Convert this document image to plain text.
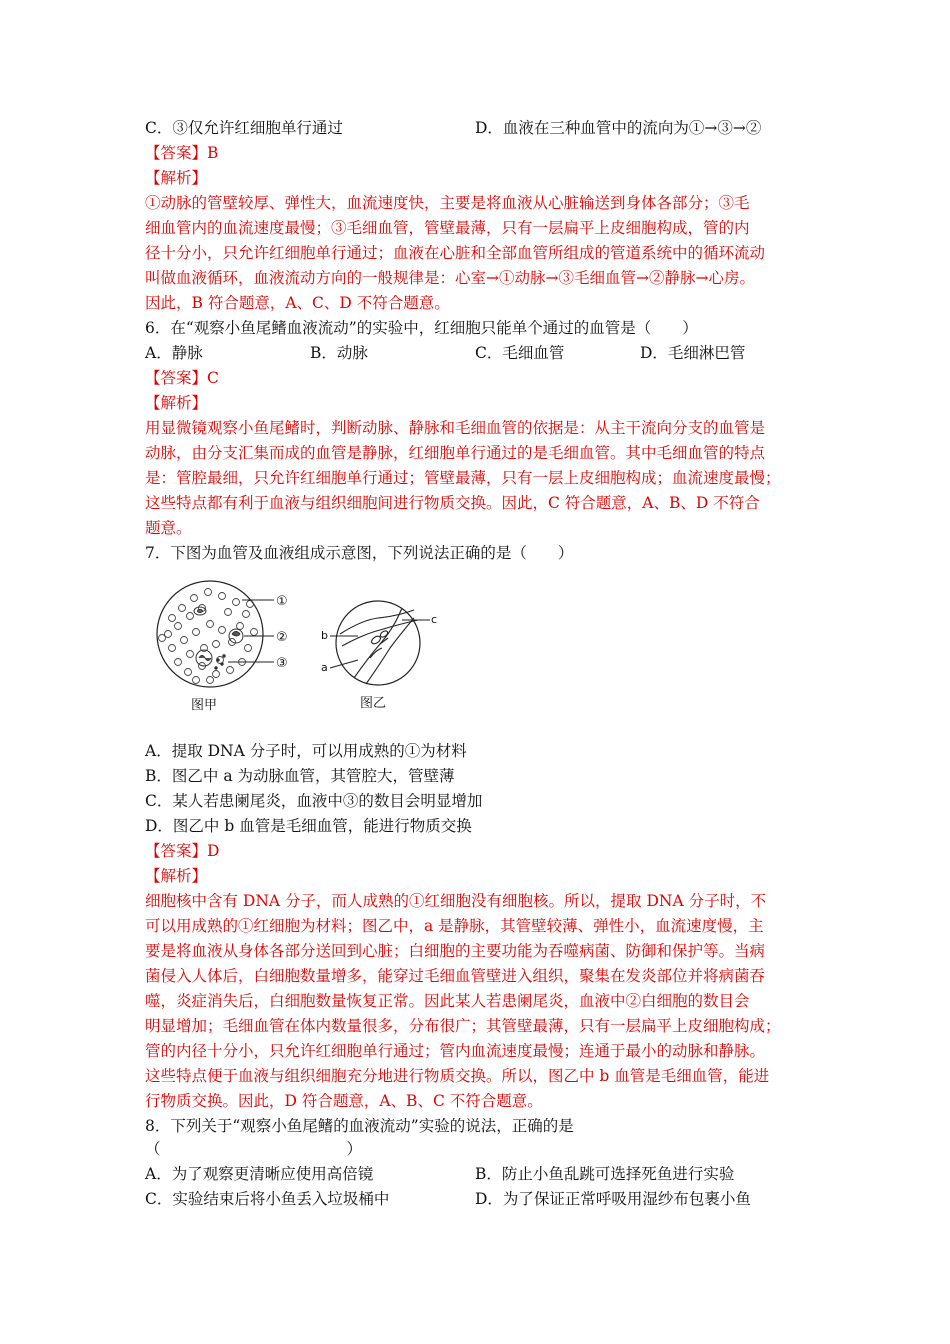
C．③仅允许红细胞单行通过	D．血液在三种血管中的流向为①→③→②
【答案】B
【解析】
①动脉的管壁较厚、弹性大，血流速度快，主要是将血液从心脏输送到身体各部分；③毛
细血管内的血流速度最慢；③毛细血管，管壁最薄，只有一层扁平上皮细胞构成，管的内
径十分小，只允许红细胞单行通过；血液在心脏和全部血管所组成的管道系统中的循环流动
叫做血液循环，血液流动方向的一般规律是：心室→①动脉→③毛细血管→②静脉→心房。
因此，B 符合题意，A、C、D 不符合题意。
6．在“观察小鱼尾鳍血液流动”的实验中，红细胞只能单个通过的血管是（　　）
A．静脉	B．动脉	C．毛细血管	D．毛细淋巴管
【答案】C
【解析】
用显微镜观察小鱼尾鳍时，判断动脉、静脉和毛细血管的依据是：从主干流向分支的血管是
动脉，由分支汇集而成的血管是静脉，红细胞单行通过的是毛细血管。其中毛细血管的特点
是：管腔最细，只允许红细胞单行通过；管壁最薄，只有一层上皮细胞构成；血流速度最慢；
这些特点都有利于血液与组织细胞间进行物质交换。因此，C 符合题意，A、B、D 不符合
题意。
7．下图为血管及血液组成示意图，下列说法正确的是（　　）
①
②
③
图甲
b
a
c
图乙
A．提取 DNA 分子时，可以用成熟的①为材料
B．图乙中 a 为动脉血管，其管腔大，管壁薄
C．某人若患阑尾炎，血液中③的数目会明显增加
D．图乙中 b 血管是毛细血管，能进行物质交换
【答案】D
【解析】
细胞核中含有 DNA 分子，而人成熟的①红细胞没有细胞核。所以，提取 DNA 分子时，不
可以用成熟的①红细胞为材料；图乙中，a 是静脉，其管壁较薄、弹性小，血流速度慢，主
要是将血液从身体各部分送回到心脏；白细胞的主要功能为吞噬病菌、防御和保护等。当病
菌侵入人体后，白细胞数量增多，能穿过毛细血管壁进入组织，聚集在发炎部位并将病菌吞
噬，炎症消失后，白细胞数量恢复正常。因此某人若患阑尾炎，血液中②白细胞的数目会
明显增加；毛细血管在体内数量很多，分布很广；其管壁最薄，只有一层扁平上皮细胞构成；
管的内径十分小，只允许红细胞单行通过；管内血流速度最慢；连通于最小的动脉和静脉。
这些特点便于血液与组织细胞充分地进行物质交换。所以，图乙中 b 血管是毛细血管，能进
行物质交换。因此，D 符合题意，A、B、C 不符合题意。
8．下列关于“观察小鱼尾鳍的血液流动”实验的说法，正确的是
（　　　　　　　　　　　　）
A．为了观察更清晰应使用高倍镜	B．防止小鱼乱跳可选择死鱼进行实验
C．实验结束后将小鱼丢入垃圾桶中	D．为了保证正常呼吸用湿纱布包裹小鱼
